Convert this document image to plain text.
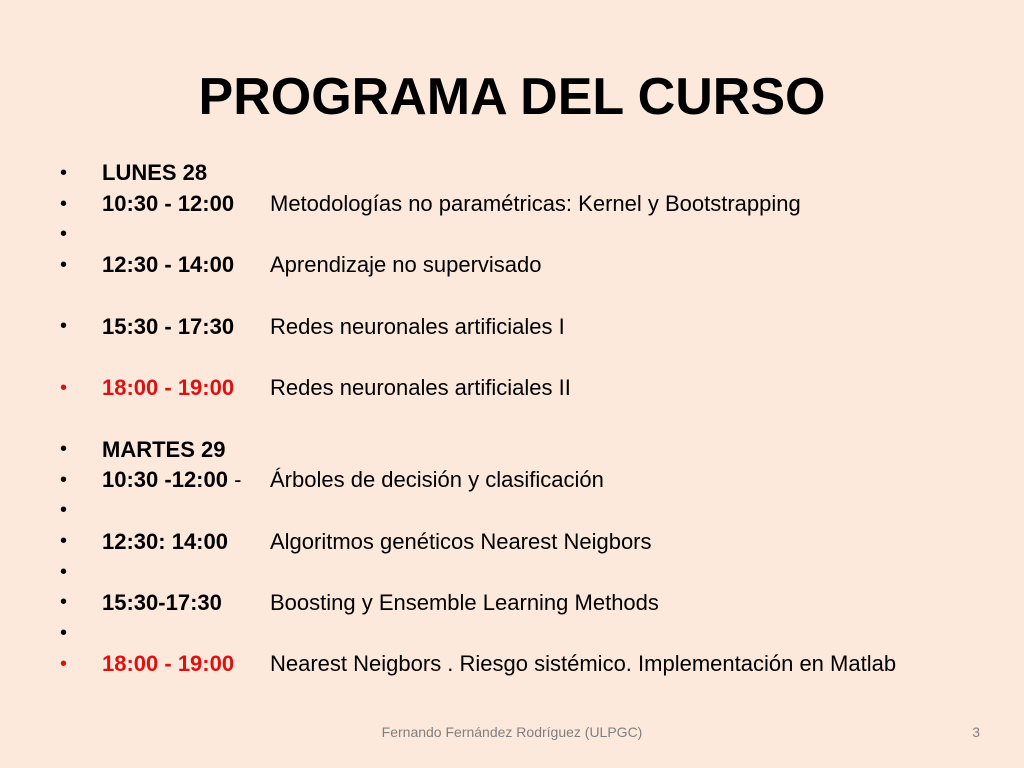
PROGRAMA DEL CURSO
•	LUNES 28
•	10:30 - 12:00	Metodologías no paramétricas: Kernel y Bootstrapping
•
•	12:30 - 14:00	Aprendizaje no supervisado
•	15:30 - 17:30	Redes neuronales artificiales I
•	18:00 - 19:00	Redes neuronales artificiales II
•	MARTES 29
•	10:30 -12:00 -	Árboles de decisión y clasificación
•
•	12:30: 14:00	Algoritmos genéticos Nearest Neigbors
•
•	15:30-17:30	Boosting y Ensemble Learning Methods
•
•	18:00 - 19:00	Nearest Neigbors . Riesgo sistémico. Implementación en Matlab
Fernando Fernández Rodríguez (ULPGC)	3
